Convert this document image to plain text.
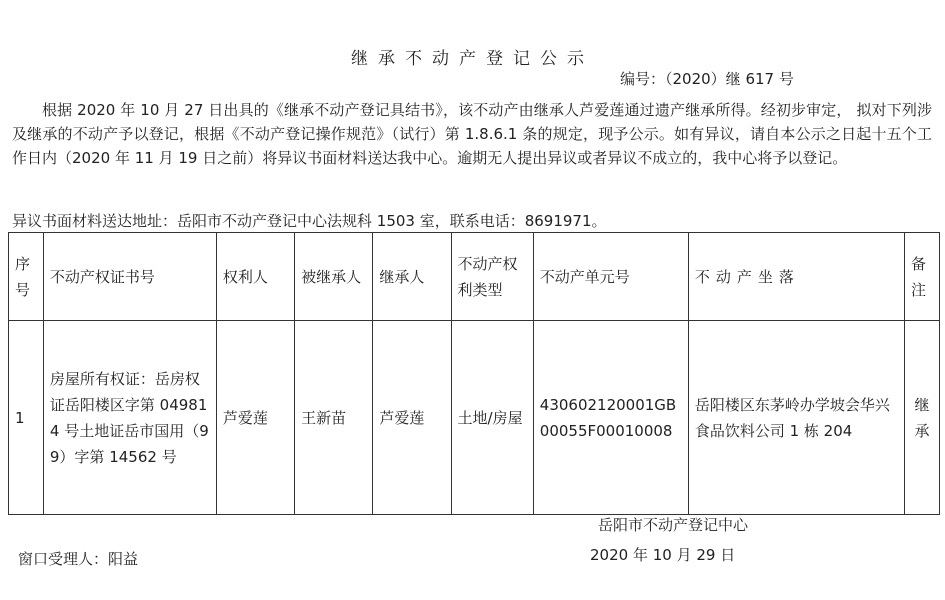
继承不动产登记公示
编号：（2020）继 617 号
根据 2020 年 10 月 27 日出具的《继承不动产登记具结书》，该不动产由继承人芦爱莲通过遗产继承所得。经初步审定， 拟对下列涉及继承的不动产予以登记，根据《不动产登记操作规范》（试行）第 1.8.6.1 条的规定，现予公示。如有异议，请自本公示之日起十五个工作日内（2020 年 11 月 19 日之前）将异议书面材料送达我中心。逾期无人提出异议或者异议不成立的，我中心将予以登记。
异议书面材料送达地址：岳阳市不动产登记中心法规科 1503 室，联系电话：8691971。
序号	不动产权证书号	权利人	被继承人	继承人	不动产权利类型	不动产单元号	不动产坐落	备注
1	房屋所有权证：岳房权证岳阳楼区字第 049814 号土地证岳市国用（99）字第 14562 号	芦爱莲	王新苗	芦爱莲	土地/房屋	430602120001GB00055F00010008	岳阳楼区东茅岭办学坡会华兴食品饮料公司 1 栋 204	继承
岳阳市不动产登记中心
2020 年 10 月 29 日
窗口受理人：阳益
